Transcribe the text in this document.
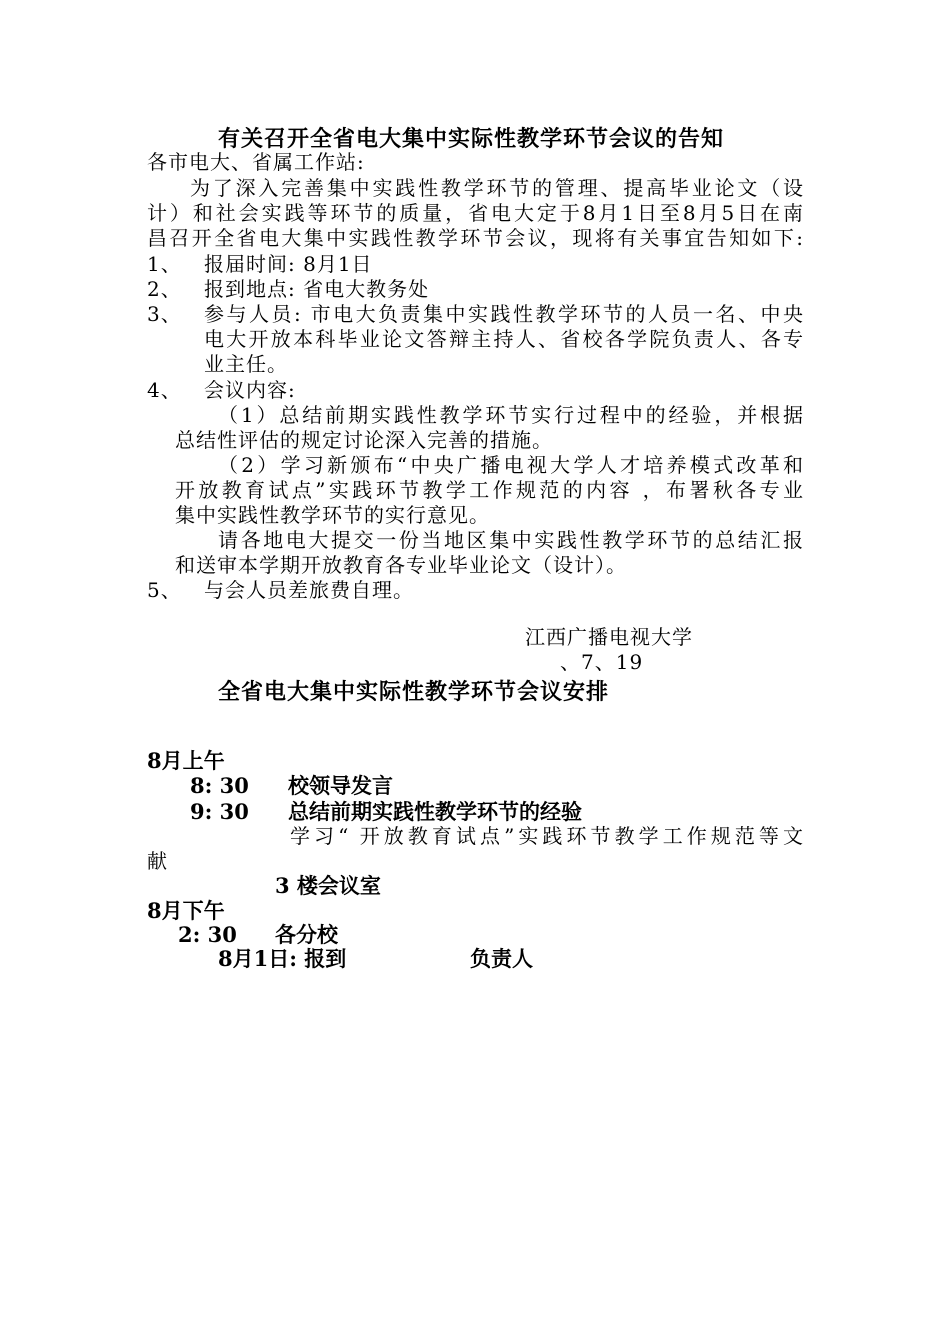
有关召开全省电大集中实际性教学环节会议的告知
各市电大、省属工作站:
为了深入完善集中实践性教学环节的管理、提高毕业论文（设
计）和社会实践等环节的质量，省电大定于8月1日至8月5日在南
昌召开全省电大集中实践性教学环节会议，现将有关事宜告知如下:
1、 报届时间: 8月1日
2、 报到地点: 省电大教务处
3、 参与人员: 市电大负责集中实践性教学环节的人员一名、中央
电大开放本科毕业论文答辩主持人、省校各学院负责人、各专
业主任。
4、 会议内容:
（1）总结前期实践性教学环节实行过程中的经验，并根据
总结性评估的规定讨论深入完善的措施。
（2）学习新颁布“中央广播电视大学人才培养模式改革和
开放教育试点”实践环节教学工作规范的内容 ，布署秋各专业
集中实践性教学环节的实行意见。
请各地电大提交一份当地区集中实践性教学环节的总结汇报
和送审本学期开放教育各专业毕业论文（设计）。
5、 与会人员差旅费自理。
江西广播电视大学
、7、19
全省电大集中实际性教学环节会议安排
8月上午
8: 30 校领导发言
9: 30 总结前期实践性教学环节的经验
学习“ 开放教育试点”实践环节教学工作规范等文
献
3 楼会议室
8月下午
2: 30 各分校
8月1日: 报到	负责人
